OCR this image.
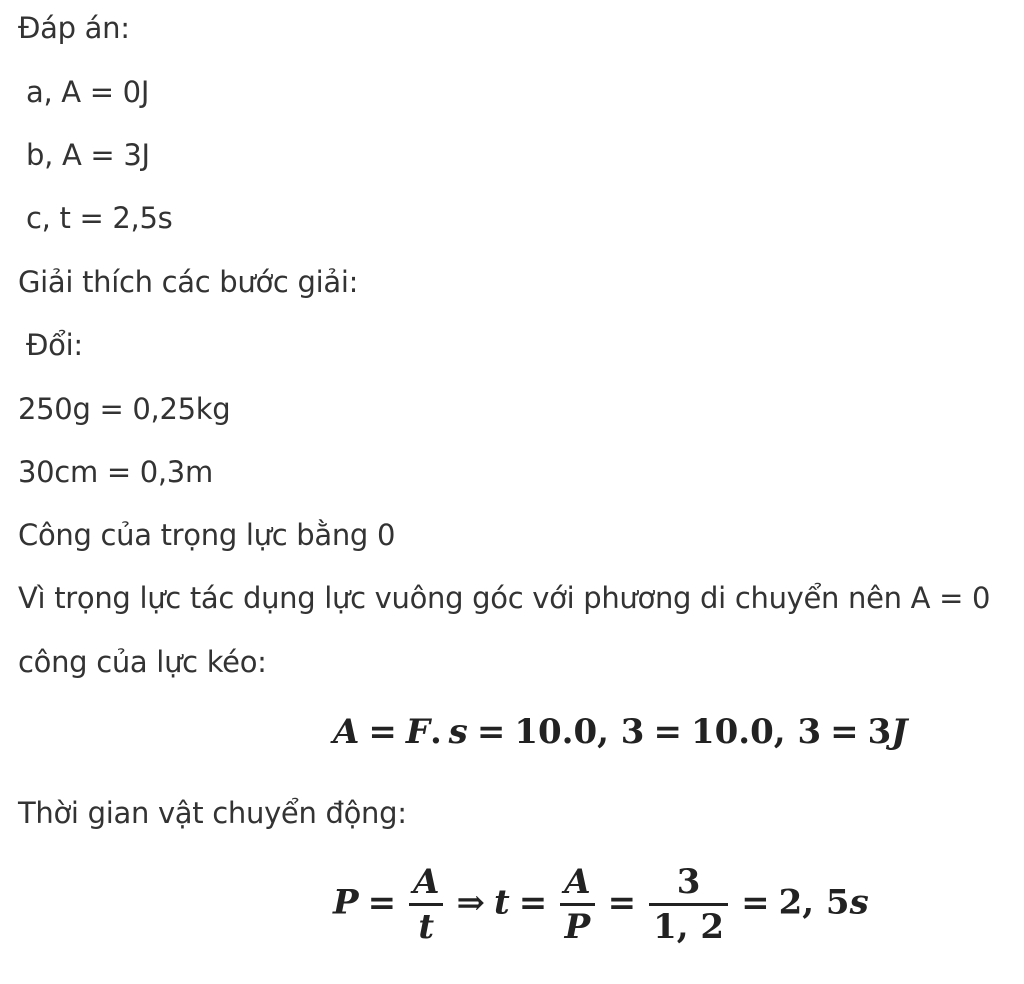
Đáp án:
a, A = 0J
b, A = 3J
c, t = 2,5s
Giải thích các bước giải:
Đổi:
250g = 0,25kg
30cm = 0,3m
Công của trọng lực bằng 0
Vì trọng lực tác dụng lực vuông góc với phương di chuyển nên A = 0
công của lực kéo:
Thời gian vật chuyển động:
A = F.  s = 10.0, 3 = 10.0, 3 = 3J
$P = \frac{A}{t}$ ⇒ $t = \frac{A}{P} = \frac{3}{1, 2} = 2$, 5s
